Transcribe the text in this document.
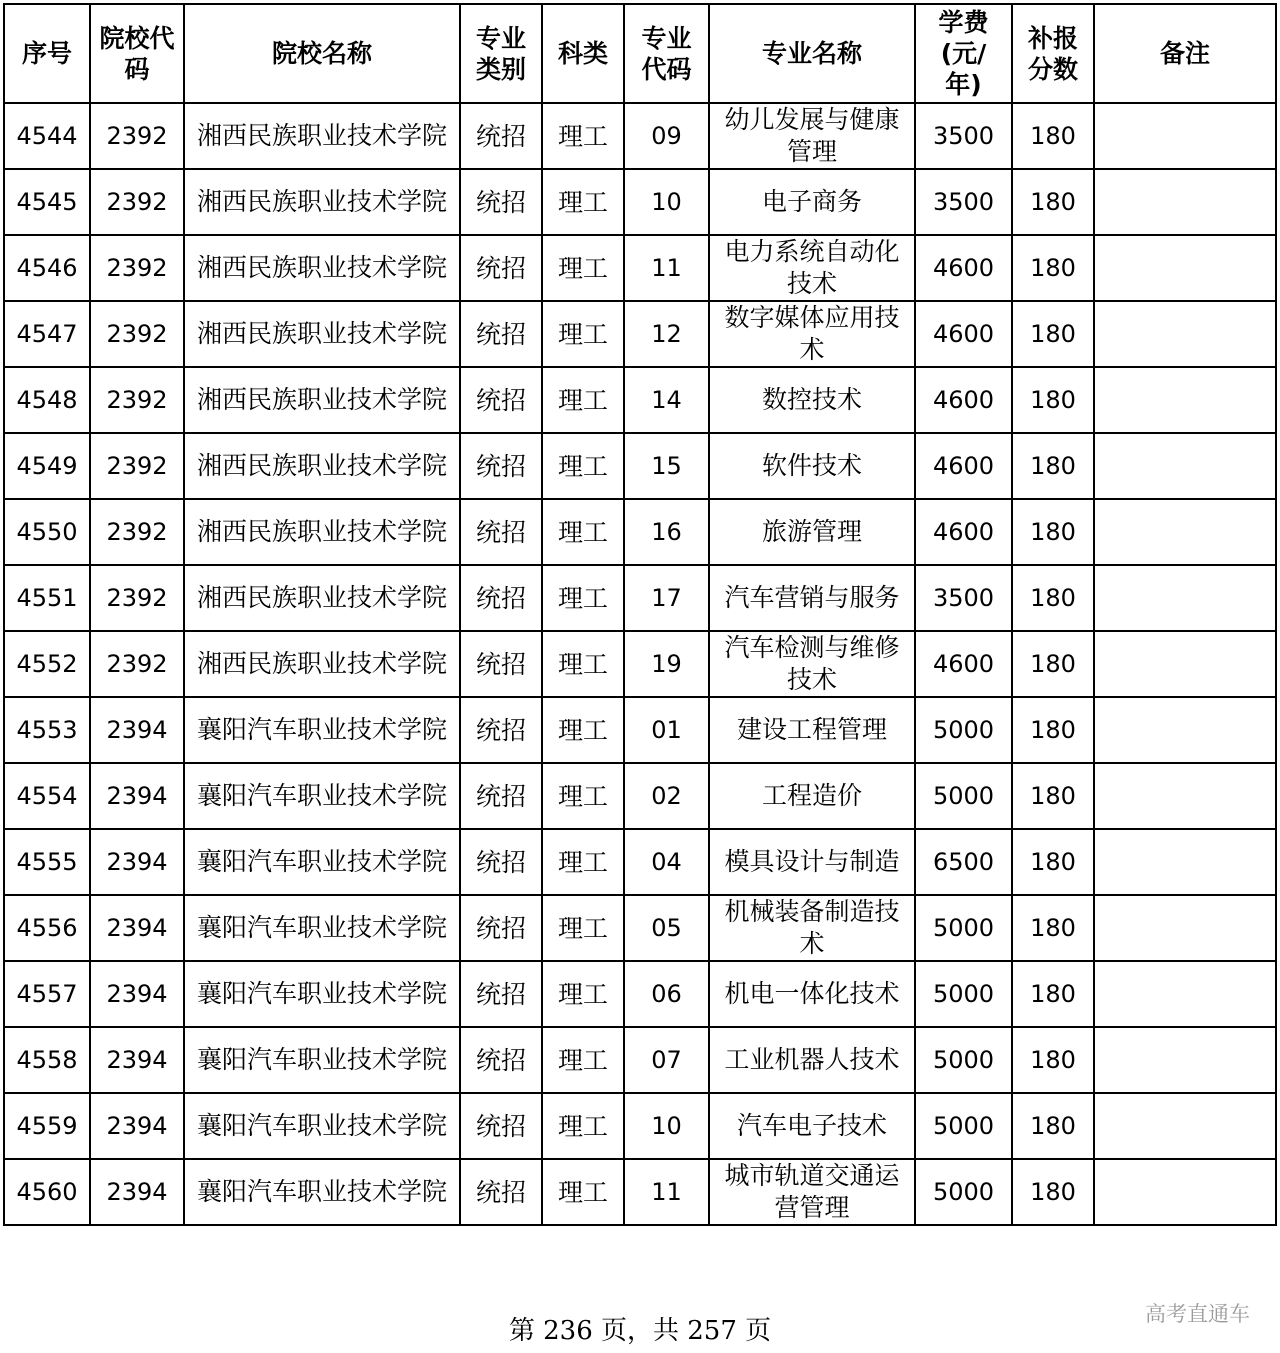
序号	院校代码	院校名称	专业类别	科类	专业代码	专业名称	学费(元/年)	补报分数	备注
4544	2392	湘西民族职业技术学院	统招	理工	09	幼儿发展与健康管理	3500	180	
4545	2392	湘西民族职业技术学院	统招	理工	10	电子商务	3500	180	
4546	2392	湘西民族职业技术学院	统招	理工	11	电力系统自动化技术	4600	180	
4547	2392	湘西民族职业技术学院	统招	理工	12	数字媒体应用技术	4600	180	
4548	2392	湘西民族职业技术学院	统招	理工	14	数控技术	4600	180	
4549	2392	湘西民族职业技术学院	统招	理工	15	软件技术	4600	180	
4550	2392	湘西民族职业技术学院	统招	理工	16	旅游管理	4600	180	
4551	2392	湘西民族职业技术学院	统招	理工	17	汽车营销与服务	3500	180	
4552	2392	湘西民族职业技术学院	统招	理工	19	汽车检测与维修技术	4600	180	
4553	2394	襄阳汽车职业技术学院	统招	理工	01	建设工程管理	5000	180	
4554	2394	襄阳汽车职业技术学院	统招	理工	02	工程造价	5000	180	
4555	2394	襄阳汽车职业技术学院	统招	理工	04	模具设计与制造	6500	180	
4556	2394	襄阳汽车职业技术学院	统招	理工	05	机械装备制造技术	5000	180	
4557	2394	襄阳汽车职业技术学院	统招	理工	06	机电一体化技术	5000	180	
4558	2394	襄阳汽车职业技术学院	统招	理工	07	工业机器人技术	5000	180	
4559	2394	襄阳汽车职业技术学院	统招	理工	10	汽车电子技术	5000	180	
4560	2394	襄阳汽车职业技术学院	统招	理工	11	城市轨道交通运营管理	5000	180	
第 236 页，共 257 页
高考直通车
